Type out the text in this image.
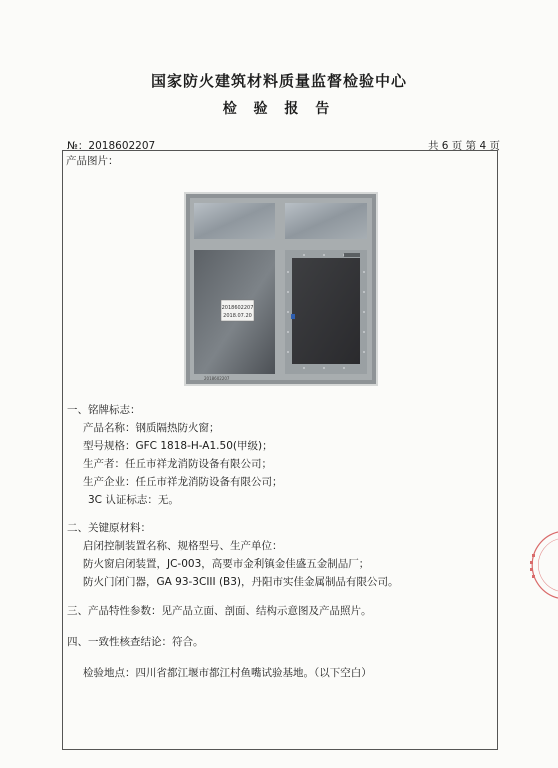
国家防火建筑材料质量监督检验中心
检 验 报 告
№：2018602207	共 6 页 第 4 页
产品图片：
2018602207
2018.07.20
2018602207
一、铭牌标志：
产品名称：钢质隔热防火窗；
型号规格：GFC 1818-H-A1.50(甲级)；
生产者：任丘市祥龙消防设备有限公司；
生产企业：任丘市祥龙消防设备有限公司；
3C 认证标志：无。
二、关键原材料：
启闭控制装置名称、规格型号、生产单位：
防火窗启闭装置，JC-003，高要市金利镇金佳盛五金制品厂；
防火门闭门器，GA 93-3CIII (B3)，丹阳市实佳金属制品有限公司。
三、产品特性参数：见产品立面、剖面、结构示意图及产品照片。
四、一致性核查结论：符合。
检验地点：四川省都江堰市都江村鱼嘴试验基地。（以下空白）
